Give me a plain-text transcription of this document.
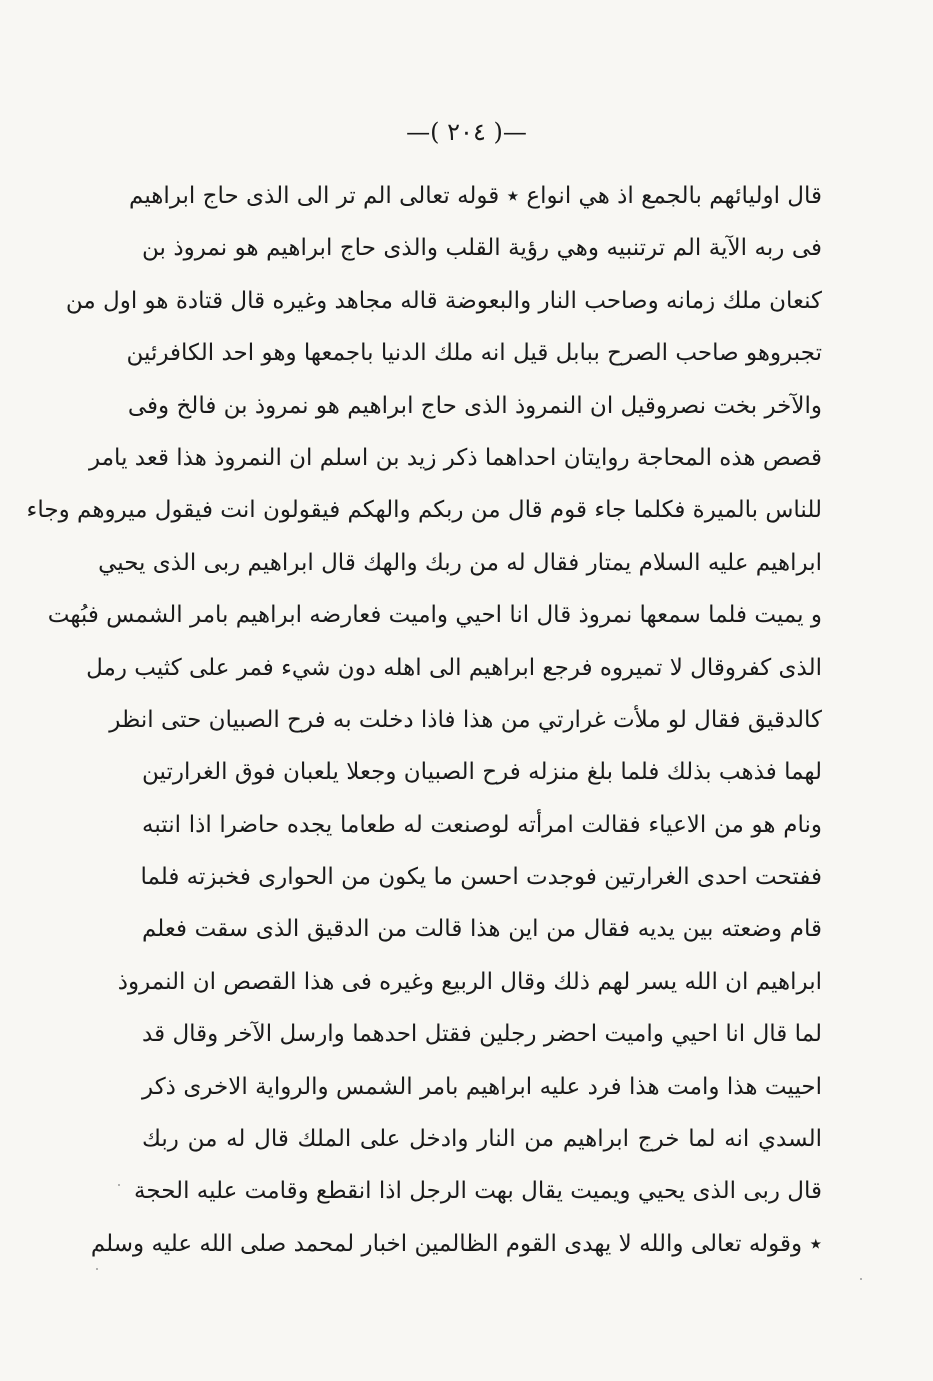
—( ٢٠٤ )—
قال اوليائهم بالجمع اذ هي انواع ٭ قوله تعالى الم تر الى الذى حاج ابراهيم
فى ربه الآية الم ترتنبيه وهي رؤية القلب والذى حاج ابراهيم هو نمروذ بن
كنعان ملك زمانه وصاحب النار والبعوضة قاله مجاهد وغيره قال قتادة هو اول من
تجبروهو صاحب الصرح ببابل قيل انه ملك الدنيا باجمعها وهو احد الكافرئين
والآخر بخت نصروقيل ان النمروذ الذى حاج ابراهيم هو نمروذ بن فالخ وفى
قصص هذه المحاجة روايتان احداهما ذكر زيد بن اسلم ان النمروذ هذا قعد يامر
للناس بالميرة فكلما جاء قوم قال من ربكم والهكم فيقولون انت فيقول ميروهم وجاء
ابراهيم عليه السلام يمتار فقال له من ربك والهك قال ابراهيم ربى الذى يحيي
و يميت فلما سمعها نمروذ قال انا احيي واميت فعارضه ابراهيم بامر الشمس فبُهت
الذى كفروقال لا تميروه فرجع ابراهيم الى اهله دون شيء فمر على كثيب رمل
كالدقيق فقال لو ملأت غرارتي من هذا فاذا دخلت به فرح الصبيان حتى انظر
لهما فذهب بذلك فلما بلغ منزله فرح الصبيان وجعلا يلعبان فوق الغرارتين
ونام هو من الاعياء فقالت امرأته لوصنعت له طعاما يجده حاضرا اذا انتبه
ففتحت احدى الغرارتين فوجدت احسن ما يكون من الحوارى فخبزته فلما
قام وضعته بين يديه فقال من اين هذا قالت من الدقيق الذى سقت فعلم
ابراهيم ان الله يسر لهم ذلك وقال الربيع وغيره فى هذا القصص ان النمروذ
لما قال انا احيي واميت احضر رجلين فقتل احدهما وارسل الآخر وقال قد
احييت هذا وامت هذا فرد عليه ابراهيم بامر الشمس والرواية الاخرى ذكر
السدي انه لما خرج ابراهيم من النار وادخل على الملك قال له من ربك
قال ربى الذى يحيي ويميت يقال بهت الرجل اذا انقطع وقامت عليه الحجة
٭ وقوله تعالى والله لا يهدى القوم الظالمين اخبار لمحمد صلى الله عليه وسلم
